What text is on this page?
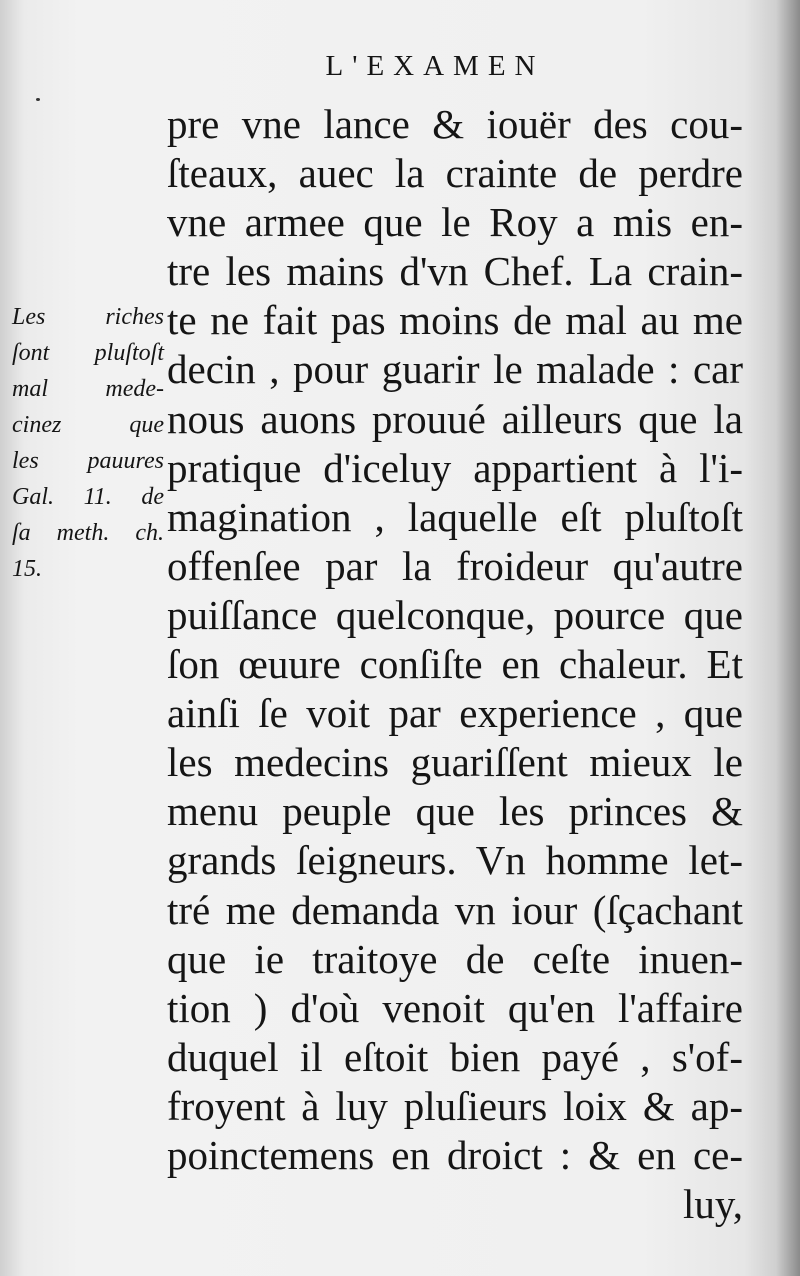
L'EXAMEN
Les riches
ſont pluſtoſt
mal mede-
cinez que
les pauures
Gal. 11. de
ſa meth. ch.
15.
pre vne lance & iouër des cou-
ſteaux, auec la crainte de perdre
vne armee que le Roy a mis en-
tre les mains d'vn Chef. La crain-
te ne fait pas moins de mal au me
decin , pour guarir le malade : car
nous auons prouué ailleurs que la
pratique d'iceluy appartient à l'i-
magination , laquelle eſt pluſtoſt
offenſee par la froideur qu'autre
puiſſance quelconque, pource que
ſon œuure conſiſte en chaleur. Et
ainſi ſe voit par experience , que
les medecins guariſſent mieux le
menu peuple que les princes &
grands ſeigneurs. Vn homme let-
tré me demanda vn iour (ſçachant
que ie traitoye de ceſte inuen-
tion ) d'où venoit qu'en l'affaire
duquel il eſtoit bien payé , s'of-
froyent à luy pluſieurs loix & ap-
poinctemens en droict : & en ce-
luy,
